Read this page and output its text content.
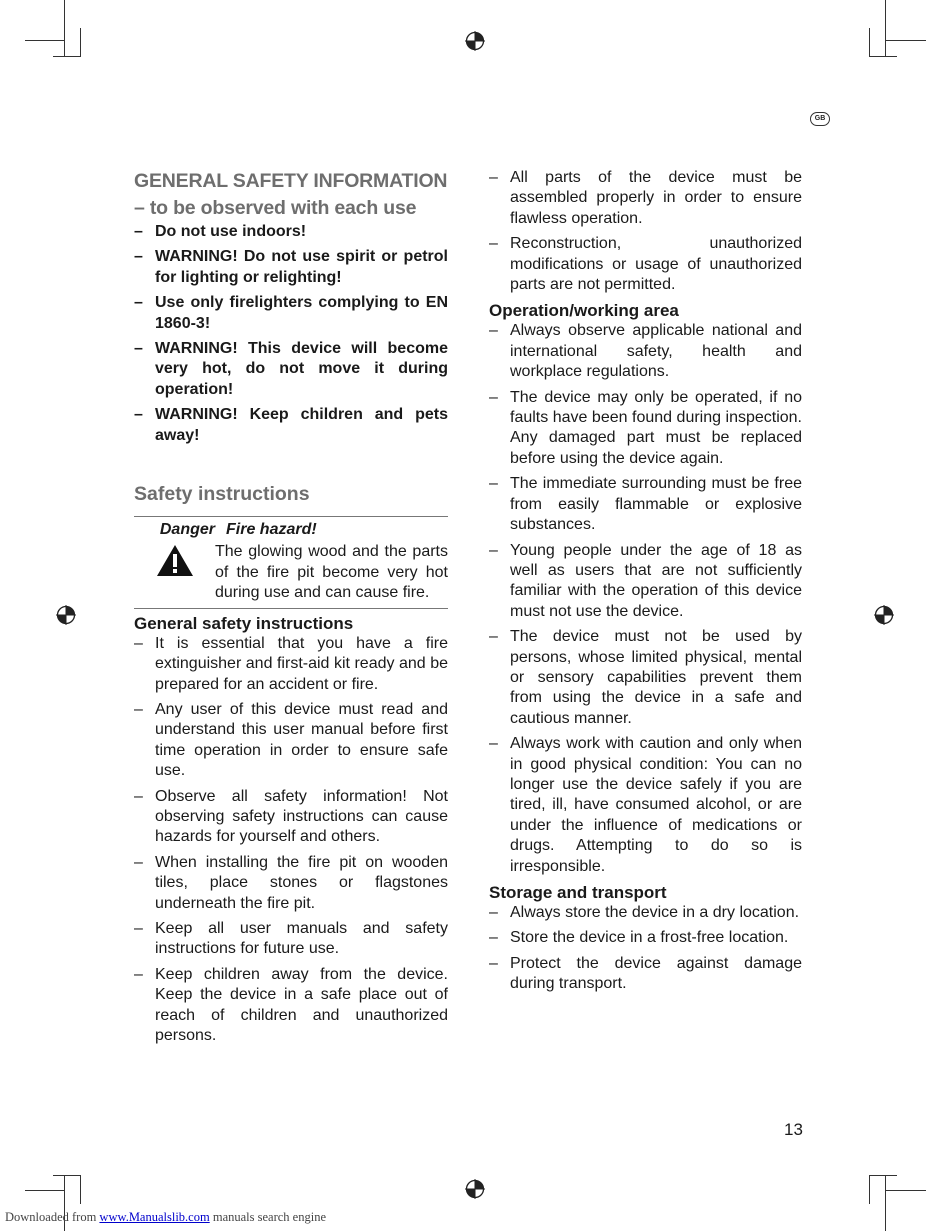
GB
GENERAL SAFETY INFORMATION
– to be observed with each use
– Do not use indoors!
– WARNING! Do not use spirit or petrol for lighting or relighting!
– Use only firelighters complying to EN 1860-3!
– WARNING! This device will become very hot, do not move it during operation!
– WARNING! Keep children and pets away!
Safety instructions
Danger Fire hazard!
The glowing wood and the parts of the fire pit become very hot during use and can cause fire.
General safety instructions
– It is essential that you have a fire extinguisher and first-aid kit ready and be prepared for an accident or fire.
– Any user of this device must read and understand this user manual before first time operation in order to ensure safe use.
– Observe all safety information! Not observing safety instructions can cause hazards for yourself and others.
– When installing the fire pit on wooden tiles, place stones or flagstones underneath the fire pit.
– Keep all user manuals and safety instructions for future use.
– Keep children away from the device. Keep the device in a safe place out of reach of children and unauthorized persons.
– All parts of the device must be assembled properly in order to ensure flawless operation.
– Reconstruction, unauthorized modifications or usage of unauthorized parts are not permitted.
Operation/working area
– Always observe applicable national and international safety, health and workplace regulations.
– The device may only be operated, if no faults have been found during inspection. Any damaged part must be replaced before using the device again.
– The immediate surrounding must be free from easily flammable or explosive substances.
– Young people under the age of 18 as well as users that are not sufficiently familiar with the operation of this device must not use the device.
– The device must not be used by persons, whose limited physical, mental or sensory capabilities prevent them from using the device in a safe and cautious manner.
– Always work with caution and only when in good physical condition: You can no longer use the device safely if you are tired, ill, have consumed alcohol, or are under the influence of medications or drugs. Attempting to do so is irresponsible.
Storage and transport
– Always store the device in a dry location.
– Store the device in a frost-free location.
– Protect the device against damage during transport.
13
Downloaded from www.Manualslib.com manuals search engine
